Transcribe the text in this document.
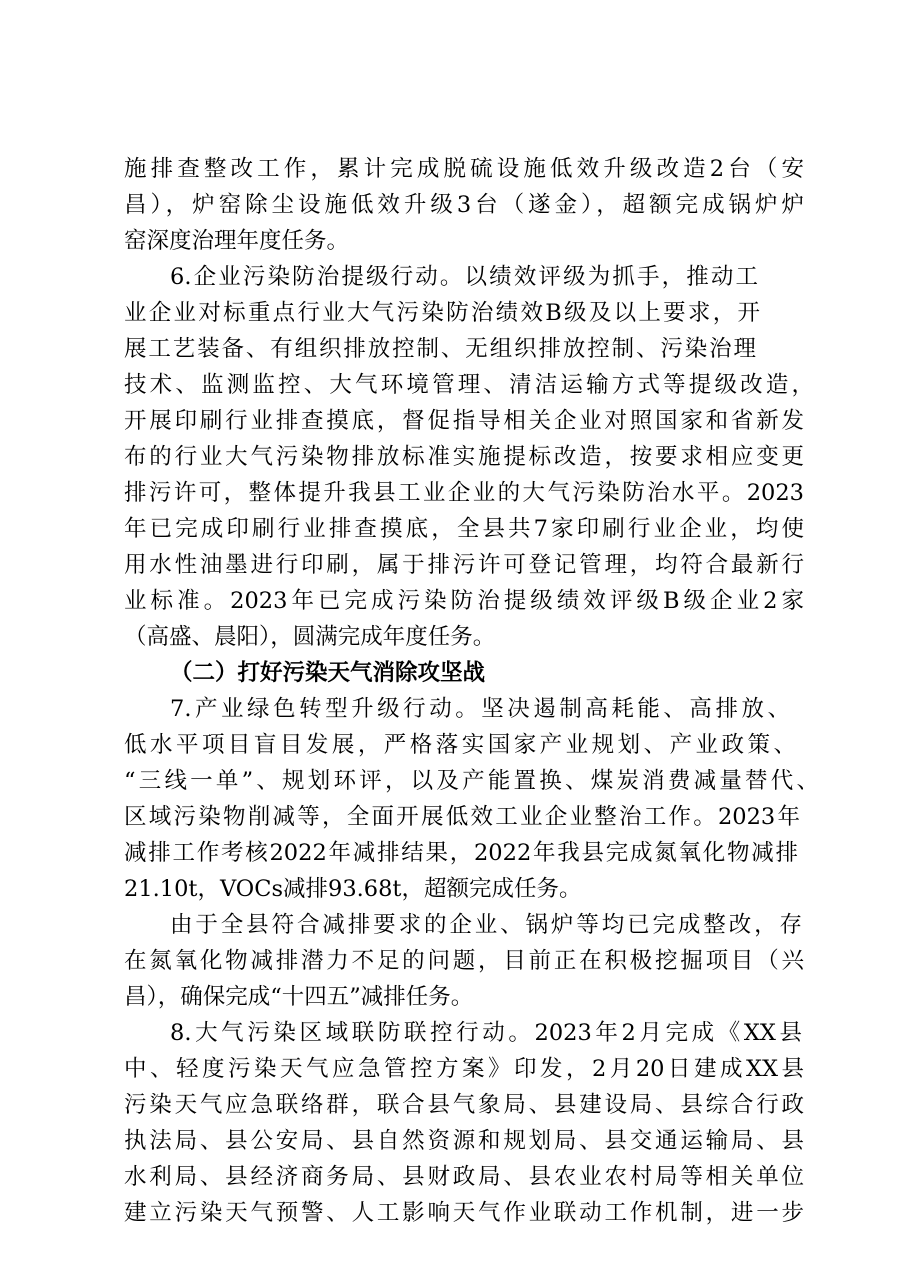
施排查整改工作，累计完成脱硫设施低效升级改造2台（安
昌），炉窑除尘设施低效升级3台（遂金），超额完成锅炉炉
窑深度治理年度任务。
6.企业污染防治提级行动。以绩效评级为抓手，推动工
业企业对标重点行业大气污染防治绩效B级及以上要求，开
展工艺装备、有组织排放控制、无组织排放控制、污染治理
技术、监测监控、大气环境管理、清洁运输方式等提级改造，
开展印刷行业排查摸底，督促指导相关企业对照国家和省新发
布的行业大气污染物排放标准实施提标改造，按要求相应变更
排污许可，整体提升我县工业企业的大气污染防治水平。2023
年已完成印刷行业排查摸底，全县共7家印刷行业企业，均使
用水性油墨进行印刷，属于排污许可登记管理，均符合最新行
业标准。2023年已完成污染防治提级绩效评级B级企业2家
（高盛、晨阳），圆满完成年度任务。
（二）打好污染天气消除攻坚战
7.产业绿色转型升级行动。坚决遏制高耗能、高排放、
低水平项目盲目发展，严格落实国家产业规划、产业政策、
“三线一单”、规划环评，以及产能置换、煤炭消费减量替代、
区域污染物削减等，全面开展低效工业企业整治工作。2023年
减排工作考核2022年减排结果，2022年我县完成氮氧化物减排
21.10t，VOCs减排93.68t，超额完成任务。
由于全县符合减排要求的企业、锅炉等均已完成整改，存
在氮氧化物减排潜力不足的问题，目前正在积极挖掘项目（兴
昌），确保完成“十四五”减排任务。
8.大气污染区域联防联控行动。2023年2月完成《XX县
中、轻度污染天气应急管控方案》印发，2月20日建成XX县
污染天气应急联络群，联合县气象局、县建设局、县综合行政
执法局、县公安局、县自然资源和规划局、县交通运输局、县
水利局、县经济商务局、县财政局、县农业农村局等相关单位
建立污染天气预警、人工影响天气作业联动工作机制，进一步
